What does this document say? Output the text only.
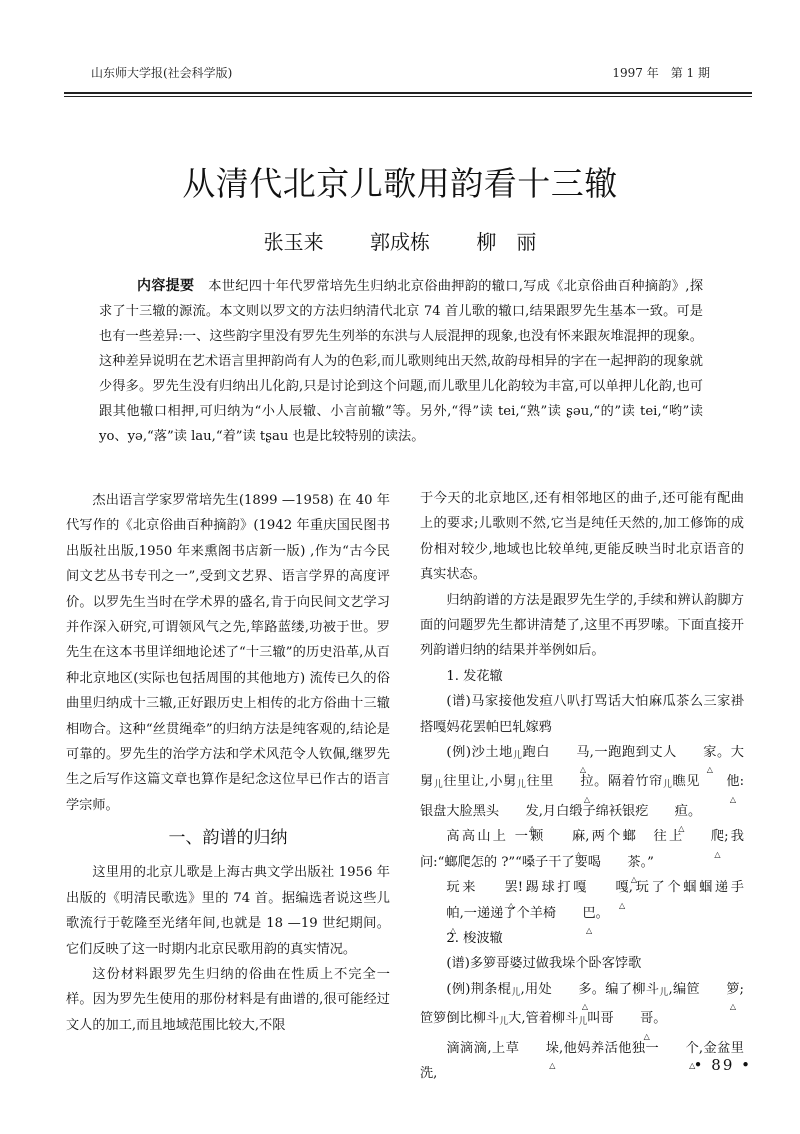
山东师大学报(社会科学版)	1997 年　第 1 期
从清代北京儿歌用韵看十三辙
张玉来 郭成栋 柳　丽
内容提要 本世纪四十年代罗常培先生归纳北京俗曲押韵的辙口,写成《北京俗曲百种摘韵》,探求了十三辙的源流。本文则以罗文的方法归纳清代北京 74 首儿歌的辙口,结果跟罗先生基本一致。可是也有一些差异:一、这些韵字里没有罗先生列举的东洪与人辰混押的现象,也没有怀来跟灰堆混押的现象。这种差异说明在艺术语言里押韵尚有人为的色彩,而儿歌则纯出天然,故韵母相异的字在一起押韵的现象就少得多。罗先生没有归纳出儿化韵,只是讨论到这个问题,而儿歌里儿化韵较为丰富,可以单押儿化韵,也可跟其他辙口相押,可归纳为“小人辰辙、小言前辙”等。另外,“得”读 tei,“熟”读 ʂəu,“的”读 tei,“哟”读 yo、yə,“落”读 lau,“着”读 tʂau 也是比较特别的读法。

杰出语言学家罗常培先生(1899 —1958) 在 40 年代写作的《北京俗曲百种摘韵》(1942 年重庆国民图书出版社出版,1950 年来熏阁书店新一版) ,作为“古今民间文艺丛书专刊之一”,受到文艺界、语言学界的高度评价。以罗先生当时在学术界的盛名,肯于向民间文艺学习并作深入研究,可谓领风气之先,筚路蓝缕,功被于世。罗先生在这本书里详细地论述了“十三辙”的历史沿革,从百种北京地区(实际也包括周围的其他地方) 流传已久的俗曲里归纳成十三辙,正好跟历史上相传的北方俗曲十三辙相吻合。这种“丝贯绳牵”的归纳方法是纯客观的,结论是可靠的。罗先生的治学方法和学术风范令人钦佩,继罗先生之后写作这篇文章也算作是纪念这位早已作古的语言学宗师。

一、韵谱的归纳

这里用的北京儿歌是上海古典文学出版社 1956 年出版的《明清民歌选》里的 74 首。据编选者说这些儿歌流行于乾隆至光绪年间,也就是 18 —19 世纪期间。它们反映了这一时期内北京民歌用韵的真实情况。

这份材料跟罗先生归纳的俗曲在性质上不完全一样。因为罗先生使用的那份材料是有曲谱的,很可能经过文人的加工,而且地域范围比较大,不限

于今天的北京地区,还有相邻地区的曲子,还可能有配曲上的要求;儿歌则不然,它当是纯任天然的,加工修饰的成份相对较少,地域也比较单纯,更能反映当时北京语音的真实状态。

归纳韵谱的方法是跟罗先生学的,手续和辨认韵脚方面的问题罗先生都讲清楚了,这里不再罗嗦。下面直接开列韵谱归纳的结果并举例如后。

1. 发花辙

(谱)马家接他发疸八叭打骂话大怕麻瓜茶么三家褂搭嘎妈花罢帕巴轧嫁鸦

(例)沙土地$_儿$跑白 马 △,一跑跑到丈人 家 △。大舅$_儿$往里让,小舅$_儿$往里 拉 △。隔着竹帘$_儿$瞧见 他 △:银盘大脸黑头 发 △,月白缎子绵袄银疙 疸 △。

高高山上 一颗 麻 △,两个螂　往上 爬 △;我问:“螂爬怎的 ?”“嗓子干了要喝 茶 △。”

玩来 罢 △!踢球打嘎 嘎 △,玩了个蝈蝈递手帕 △,一递递了个羊椅 巴 △。

2. 梭波辙

(谱)多箩哥婆过做我垛个卧客饽歌

(例)荆条棍$_儿$,用处 多 △。编了柳斗$_儿$,编笸 箩 △;笸箩倒比柳斗$_儿$大,管着柳斗$_儿$叫哥 哥 △。

滴滴滴,上草 垛 △,他妈养活他独一 个 △,金盆里洗,	• 89 •
